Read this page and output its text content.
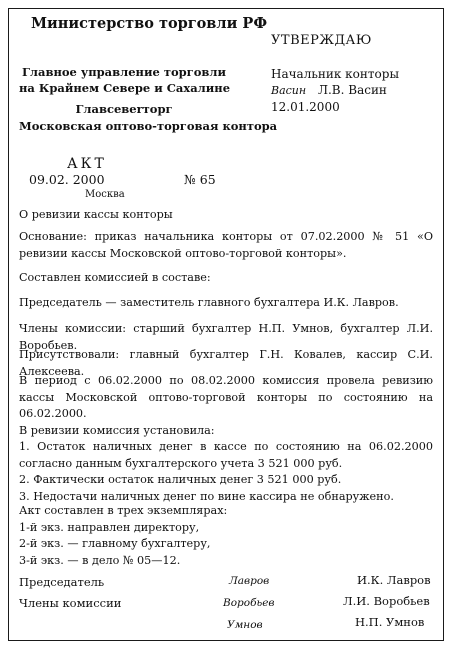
Министерство торговли РФ
УТВЕРЖДАЮ
Главное управление торговли
на Крайнем Севере и Сахалине
Главсевerторг
Московская оптово-торговая контора
Начальник конторы
Васин Л.В. Васин
12.01.2000
АКТ
09.02. 2000	№ 65
Москва

О ревизии кассы конторы

Основание: приказ начальника конторы от 07.02.2000 № 51 «О ревизии кассы Московской оптово-торговой конторы».

Составлен комиссией в составе:

Председатель — заместитель главного бухгалтера И.К. Лавров.

Члены комиссии: старший бухгалтер Н.П. Умнов, бухгалтер Л.И. Воробьев.

Присутствовали: главный бухгалтер Г.Н. Ковалев, кассир С.И. Алексеева.

В период с 06.02.2000 по 08.02.2000 комиссия провела ревизию кассы Московской оптово-торговой конторы по состоянию на 06.02.2000.

В ревизии комиссия установила:

1. Остаток наличных денег в кассе по состоянию на 06.02.2000 согласно данным бухгалтерского учета 3 521 000 руб.

2. Фактически остаток наличных денег 3 521 000 руб.

3. Недостачи наличных денег по вине кассира не обнаружено.

Акт составлен в трех экземплярах:

1-й экз. направлен директору,

2-й экз. — главному бухгалтеру,

3-й экз. — в дело № 05—12.

Председатель
Члены комиссии
Лавров
Воробьев
Умнов
И.К. Лавров
Л.И. Воробьев
Н.П. Умнов
